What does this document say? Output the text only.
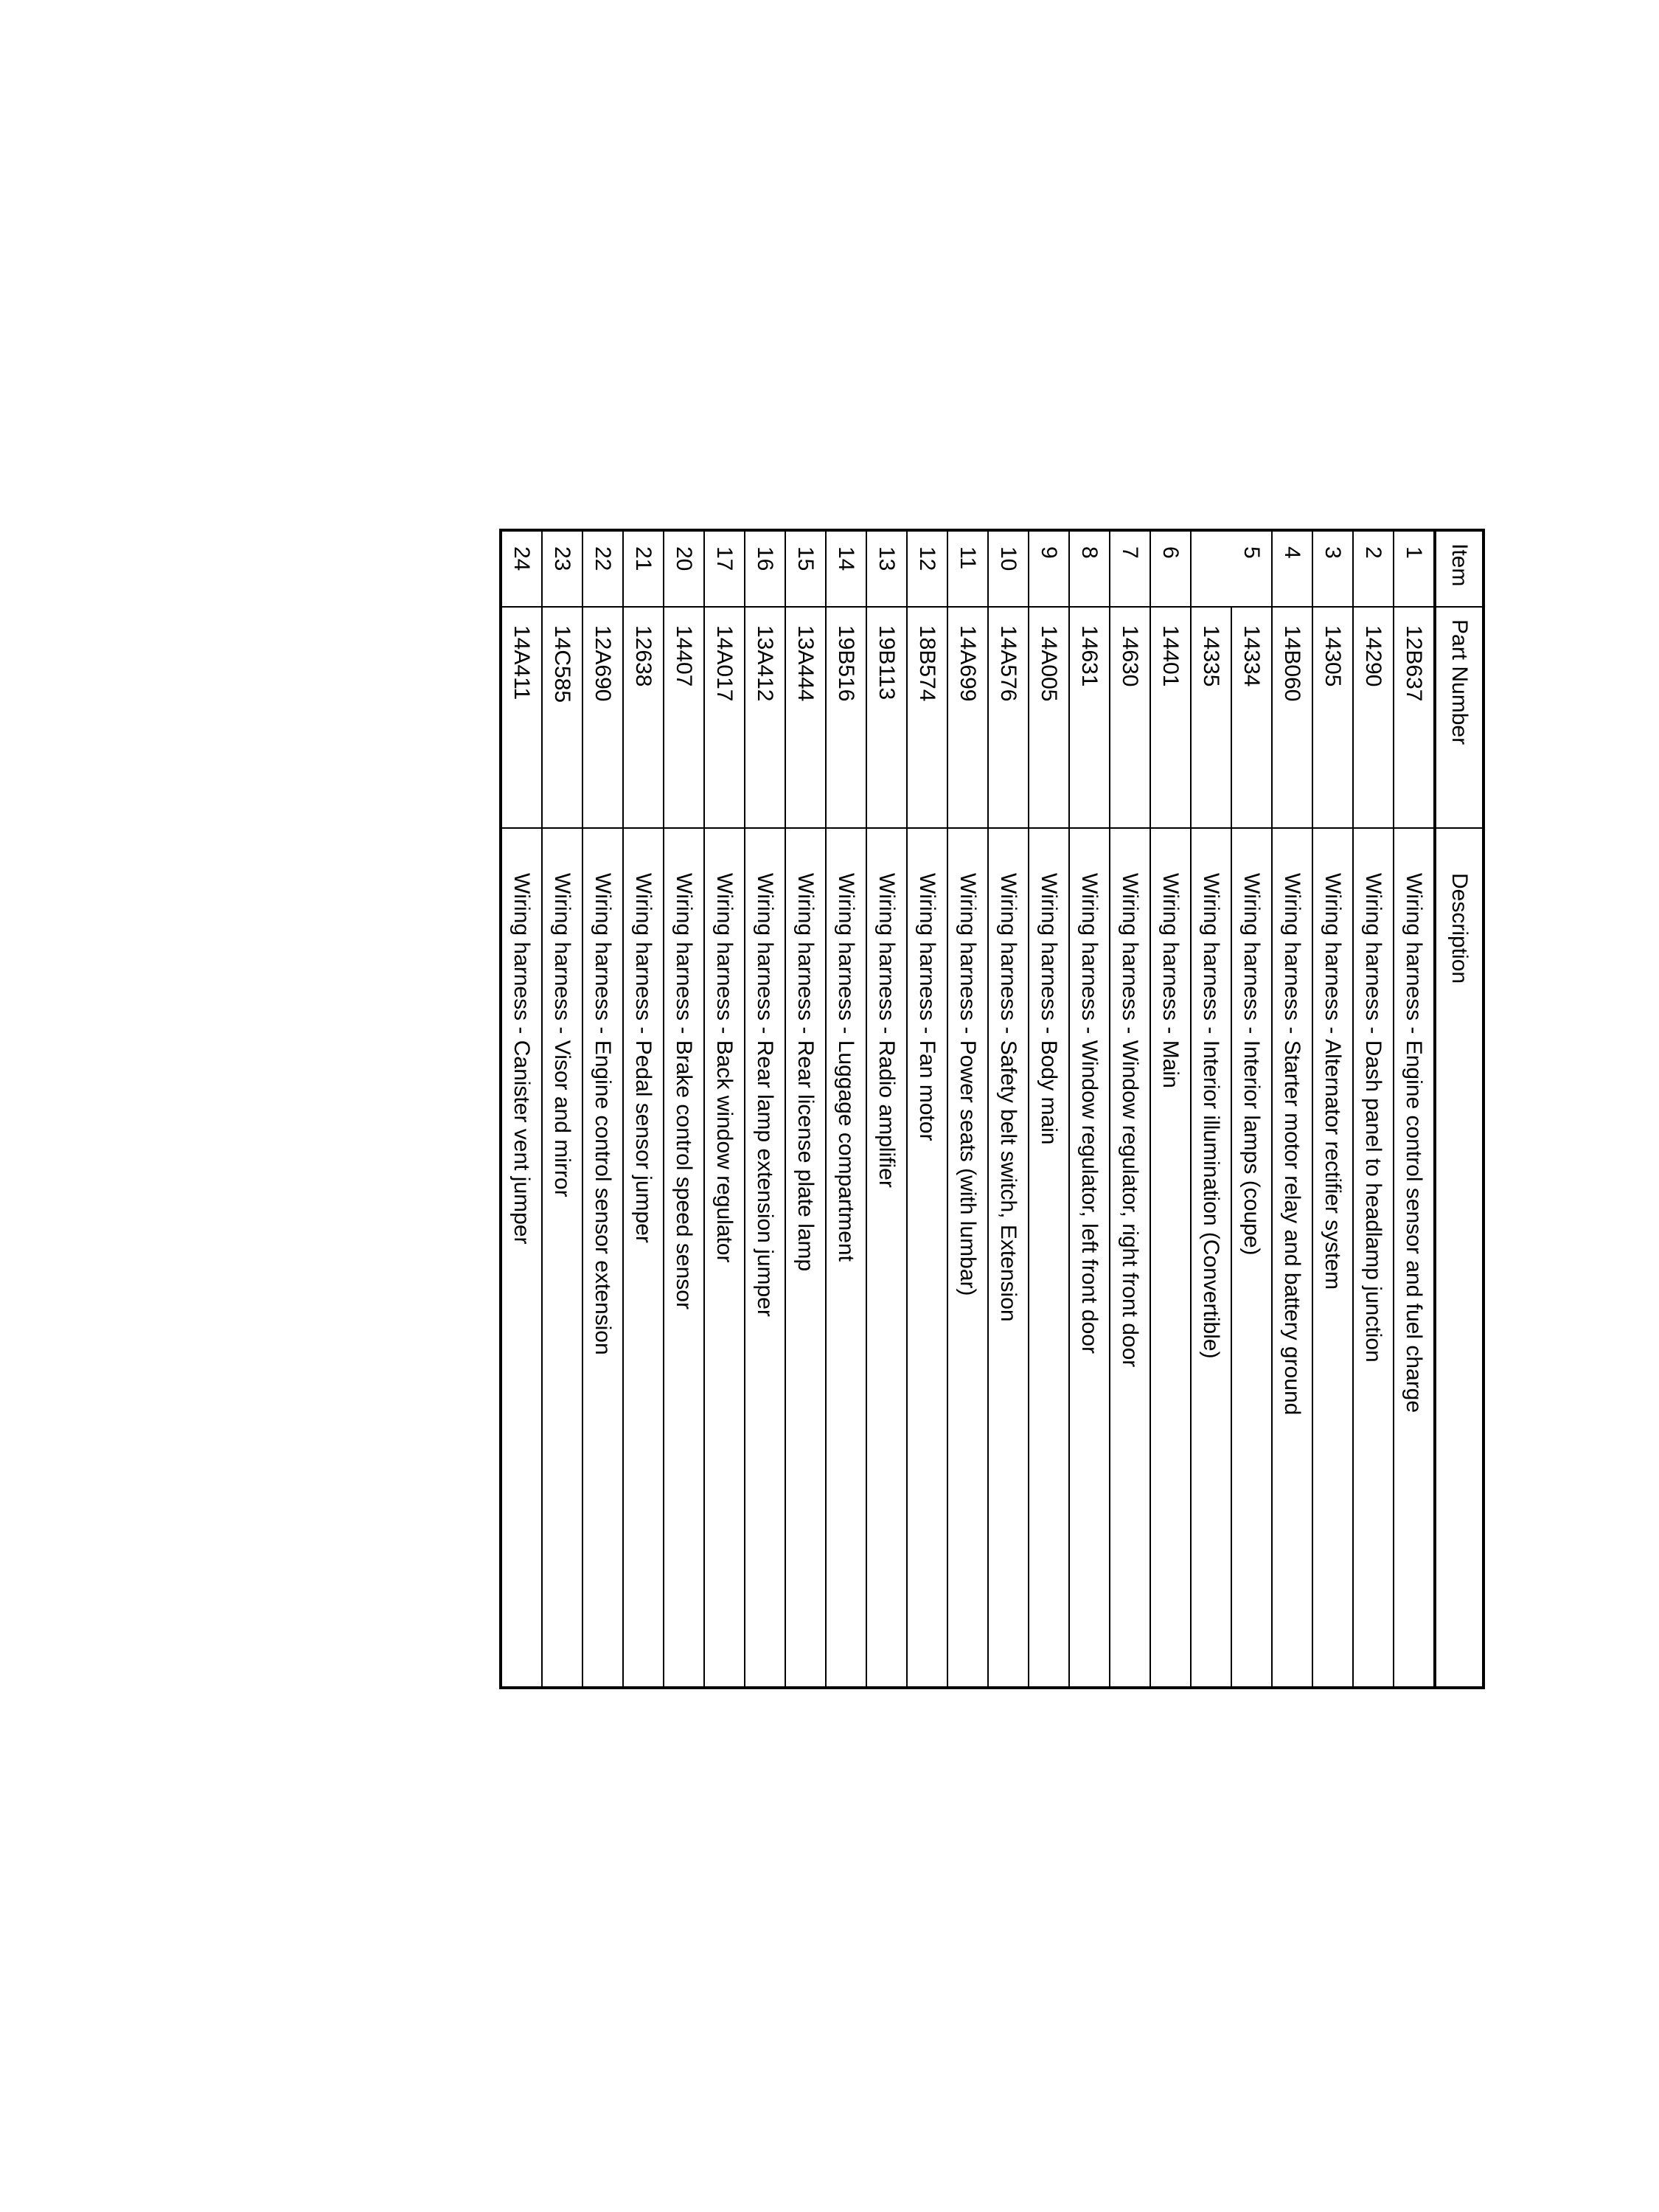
Item	Part Number	Description
1	12B637	Wiring harness - Engine control sensor and fuel charge
2	14290	Wiring harness - Dash panel to headlamp junction
3	14305	Wiring harness - Alternator rectifier system
4	14B060	Wiring harness - Starter motor relay and battery ground
5	14334	Wiring harness - Interior lamps (coupe)
	14335	Wiring harness - Interior illumination (Convertible)
6	14401	Wiring harness - Main
7	14630	Wiring harness - Window regulator, right front door
8	14631	Wiring harness - Window regulator, left front door
9	14A005	Wiring harness - Body main
10	14A576	Wiring harness - Safety belt switch, Extension
11	14A699	Wiring harness - Power seats (with lumbar)
12	18B574	Wiring harness - Fan motor
13	19B113	Wiring harness - Radio amplifier
14	19B516	Wiring harness - Luggage compartment
15	13A444	Wiring harness - Rear license plate lamp
16	13A412	Wiring harness - Rear lamp extension jumper
17	14A017	Wiring harness - Back window regulator
20	14407	Wiring harness - Brake control speed sensor
21	12638	Wiring harness - Pedal sensor jumper
22	12A690	Wiring harness - Engine control sensor extension
23	14C585	Wiring harness - Visor and mirror
24	14A411	Wiring harness - Canister vent jumper
